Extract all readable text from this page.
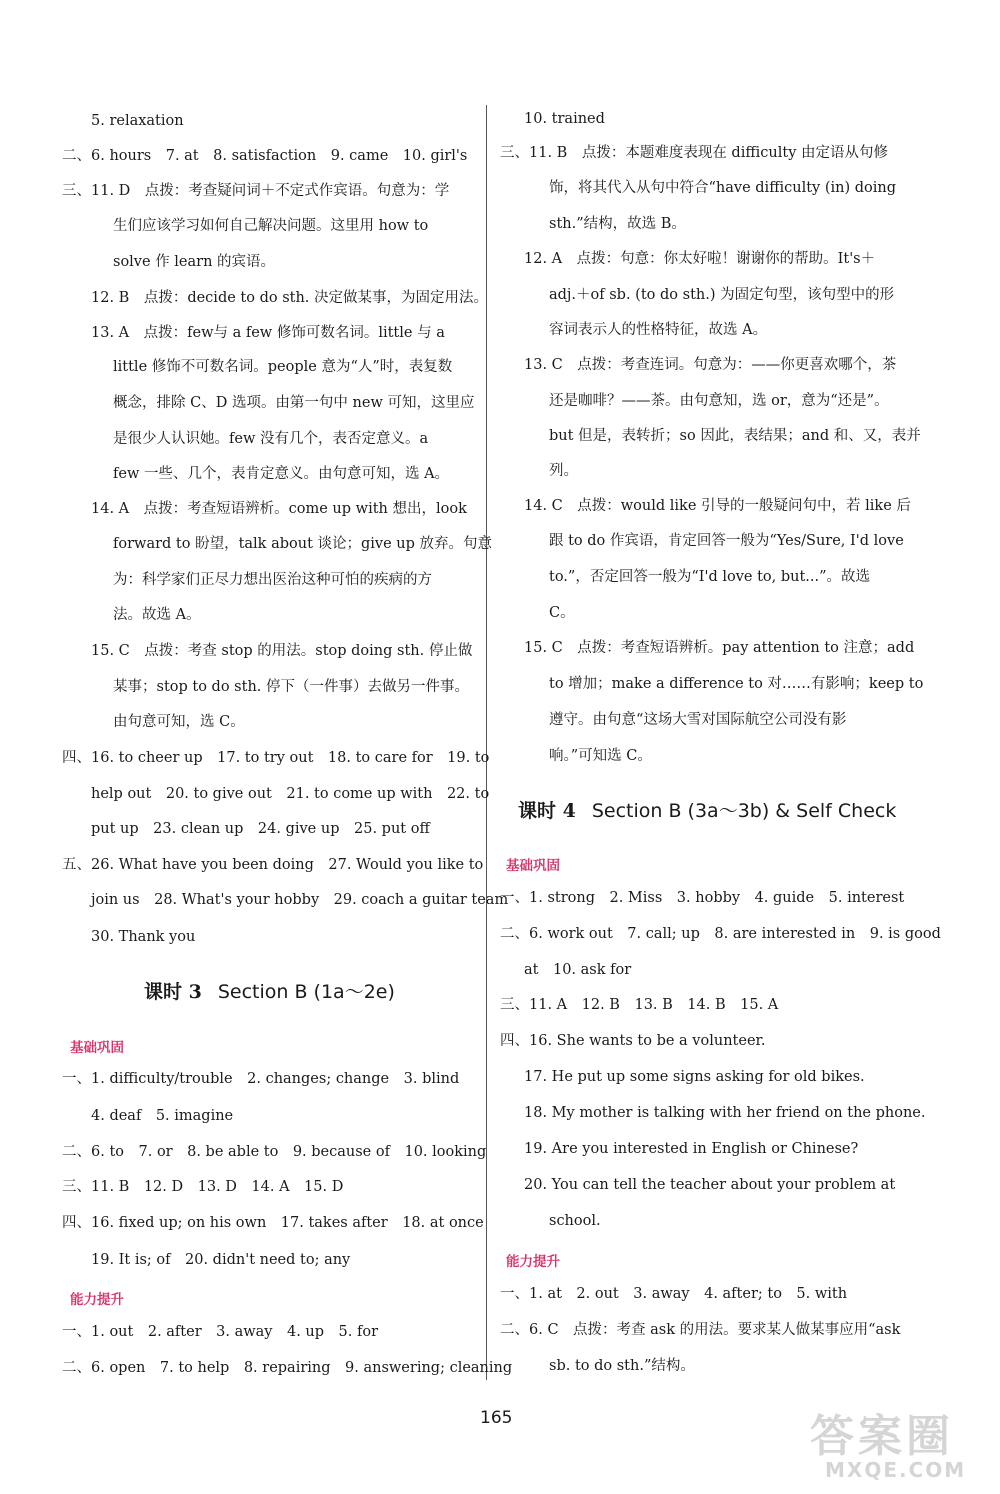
5. relaxation
二、6. hours　7. at　8. satisfaction　9. came　10. girl's
三、11. D　点拨：考查疑问词＋不定式作宾语。句意为：学
生们应该学习如何自己解决问题。这里用 how to
solve 作 learn 的宾语。
12. B　点拨：decide to do sth. 决定做某事，为固定用法。
13. A　点拨：few与 a few 修饰可数名词。little 与 a
little 修饰不可数名词。people 意为“人”时，表复数
概念，排除 C、D 选项。由第一句中 new 可知，这里应
是很少人认识她。few 没有几个，表否定意义。a
few 一些、几个，表肯定意义。由句意可知，选 A。
14. A　点拨：考查短语辨析。come up with 想出，look
forward to 盼望，talk about 谈论；give up 放弃。句意
为：科学家们正尽力想出医治这种可怕的疾病的方
法。故选 A。
15. C　点拨：考查 stop 的用法。stop doing sth. 停止做
某事；stop to do sth. 停下（一件事）去做另一件事。
由句意可知，选 C。
四、16. to cheer up　17. to try out　18. to care for　19. to
help out　20. to give out　21. to come up with　22. to
put up　23. clean up　24. give up　25. put off
五、26. What have you been doing　27. Would you like to
join us　28. What's your hobby　29. coach a guitar team
30. Thank you
课时 3 Section B (1a～2e)
基础巩固
一、1. difficulty/trouble　2. changes; change　3. blind
4. deaf　5. imagine
二、6. to　7. or　8. be able to　9. because of　10. looking
三、11. B　12. D　13. D　14. A　15. D
四、16. fixed up; on his own　17. takes after　18. at once
19. It is; of　20. didn't need to; any
能力提升
一、1. out　2. after　3. away　4. up　5. for
二、6. open　7. to help　8. repairing　9. answering; cleaning
10. trained
三、11. B　点拨：本题难度表现在 difficulty 由定语从句修
饰，将其代入从句中符合“have difficulty (in) doing
sth.”结构，故选 B。
12. A　点拨：句意：你太好啦！谢谢你的帮助。It's＋
adj.＋of sb. (to do sth.) 为固定句型，该句型中的形
容词表示人的性格特征，故选 A。
13. C　点拨：考查连词。句意为：——你更喜欢哪个，茶
还是咖啡？——茶。由句意知，选 or，意为“还是”。
but 但是，表转折；so 因此，表结果；and 和、又，表并
列。
14. C　点拨：would like 引导的一般疑问句中，若 like 后
跟 to do 作宾语，肯定回答一般为“Yes/Sure, I'd love
to.”，否定回答一般为“I'd love to, but...”。故选
C。
15. C　点拨：考查短语辨析。pay attention to 注意；add
to 增加；make a difference to 对……有影响；keep to
遵守。由句意“这场大雪对国际航空公司没有影
响。”可知选 C。
课时 4 Section B (3a～3b) & Self Check
基础巩固
一、1. strong　2. Miss　3. hobby　4. guide　5. interest
二、6. work out　7. call; up　8. are interested in　9. is good
at　10. ask for
三、11. A　12. B　13. B　14. B　15. A
四、16. She wants to be a volunteer.
17. He put up some signs asking for old bikes.
18. My mother is talking with her friend on the phone.
19. Are you interested in English or Chinese?
20. You can tell the teacher about your problem at
school.
能力提升
一、1. at　2. out　3. away　4. after; to　5. with
二、6. C　点拨：考查 ask 的用法。要求某人做某事应用“ask
sb. to do sth.”结构。
165	答案圈
MXQE.COM
